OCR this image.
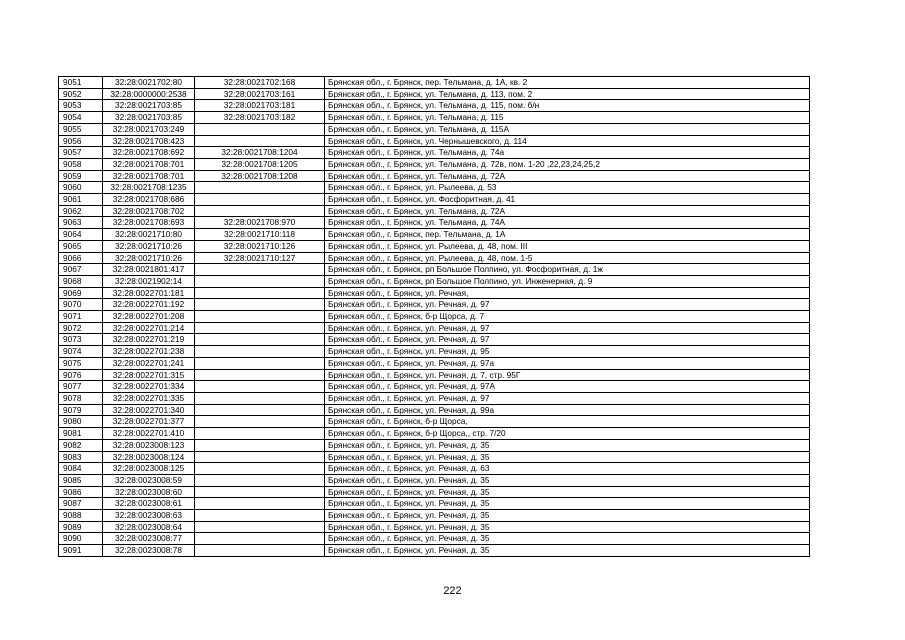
9051	32:28:0021702:80	32:28:0021702:168	Брянская обл., г. Брянск, пер. Тельмана, д. 1А, кв. 2
9052	32:28:0000000:2538	32:28:0021703:161	Брянская обл., г. Брянск, ул. Тельмана, д. 113, пом. 2
9053	32:28:0021703:85	32:28:0021703:181	Брянская обл., г. Брянск, ул. Тельмана, д. 115, пом. б/н
9054	32:28:0021703:85	32:28:0021703:182	Брянская обл., г. Брянск, ул. Тельмана, д. 115
9055	32:28:0021703:249		Брянская обл., г. Брянск, ул. Тельмана, д. 115А
9056	32:28:0021708:423		Брянская обл., г. Брянск, ул. Чернышевского, д. 114
9057	32:28:0021708:692	32:28:0021708:1204	Брянская обл., г. Брянск, ул. Тельмана, д. 74а
9058	32:28:0021708:701	32:28:0021708:1205	Брянская обл., г. Брянск, ул. Тельмана, д. 72в, пом. 1-20 ,22,23,24,25,2
9059	32:28:0021708:701	32:28:0021708:1208	Брянская обл., г. Брянск, ул. Тельмана, д. 72А
9060	32:28:0021708:1235		Брянская обл., г. Брянск, ул. Рылеева, д. 53
9061	32:28:0021708:686		Брянская обл., г. Брянск, ул. Фосфоритная, д. 41
9062	32:28:0021708:702		Брянская обл., г. Брянск, ул. Тельмана, д. 72А
9063	32:28:0021708:693	32:28:0021708:970	Брянская обл., г. Брянск, ул. Тельмана, д. 74А
9064	32:28:0021710:80	32:28:0021710:118	Брянская обл., г. Брянск, пер. Тельмана, д. 1А
9065	32:28:0021710:26	32:28:0021710:126	Брянская обл., г. Брянск, ул. Рылеева, д. 48, пом. III
9066	32:28:0021710:26	32:28:0021710:127	Брянская обл., г. Брянск, ул. Рылеева, д. 48, пом. 1-5
9067	32:28:0021801:417		Брянская обл., г. Брянск, рп Большое Полпино, ул. Фосфоритная, д. 1ж
9068	32:28:0021902:14		Брянская обл., г. Брянск, рп Большое Полпино, ул. Инженерная, д. 9
9069	32:28:0022701:181		Брянская обл., г. Брянск, ул. Речная,
9070	32:28:0022701:192		Брянская обл., г. Брянск, ул. Речная, д. 97
9071	32:28:0022701:208		Брянская обл., г. Брянск, б-р Щорса, д. 7
9072	32:28:0022701:214		Брянская обл., г. Брянск, ул. Речная, д. 97
9073	32:28:0022701:219		Брянская обл., г. Брянск, ул. Речная, д. 97
9074	32:28:0022701:238		Брянская обл., г. Брянск, ул. Речная, д. 95
9075	32:28:0022701:241		Брянская обл., г. Брянск, ул. Речная, д. 97а
9076	32:28:0022701:315		Брянская обл., г. Брянск, ул. Речная, д. 7, стр. 95Г
9077	32:28:0022701:334		Брянская обл., г. Брянск, ул. Речная, д. 97А
9078	32:28:0022701:335		Брянская обл., г. Брянск, ул. Речная, д. 97
9079	32:28:0022701:340		Брянская обл., г. Брянск, ул. Речная, д. 99а
9080	32:28:0022701:377		Брянская обл., г. Брянск, б-р Щорса,
9081	32:28:0022701:410		Брянская обл., г. Брянск, б-р Щорса,, стр. 7/20
9082	32:28:0023008:123		Брянская обл., г. Брянск, ул. Речная, д. 35
9083	32:28:0023008:124		Брянская обл., г. Брянск, ул. Речная, д. 35
9084	32:28:0023008:125		Брянская обл., г. Брянск, ул. Речная, д. 63
9085	32:28:0023008:59		Брянская обл., г. Брянск, ул. Речная, д. 35
9086	32:28:0023008:60		Брянская обл., г. Брянск, ул. Речная, д. 35
9087	32:28:0023008:61		Брянская обл., г. Брянск, ул. Речная, д. 35
9088	32:28:0023008:63		Брянская обл., г. Брянск, ул. Речная, д. 35
9089	32:28:0023008:64		Брянская обл., г. Брянск, ул. Речная, д. 35
9090	32:28:0023008:77		Брянская обл., г. Брянск, ул. Речная, д. 35
9091	32:28:0023008:78		Брянская обл., г. Брянск, ул. Речная, д. 35
222
